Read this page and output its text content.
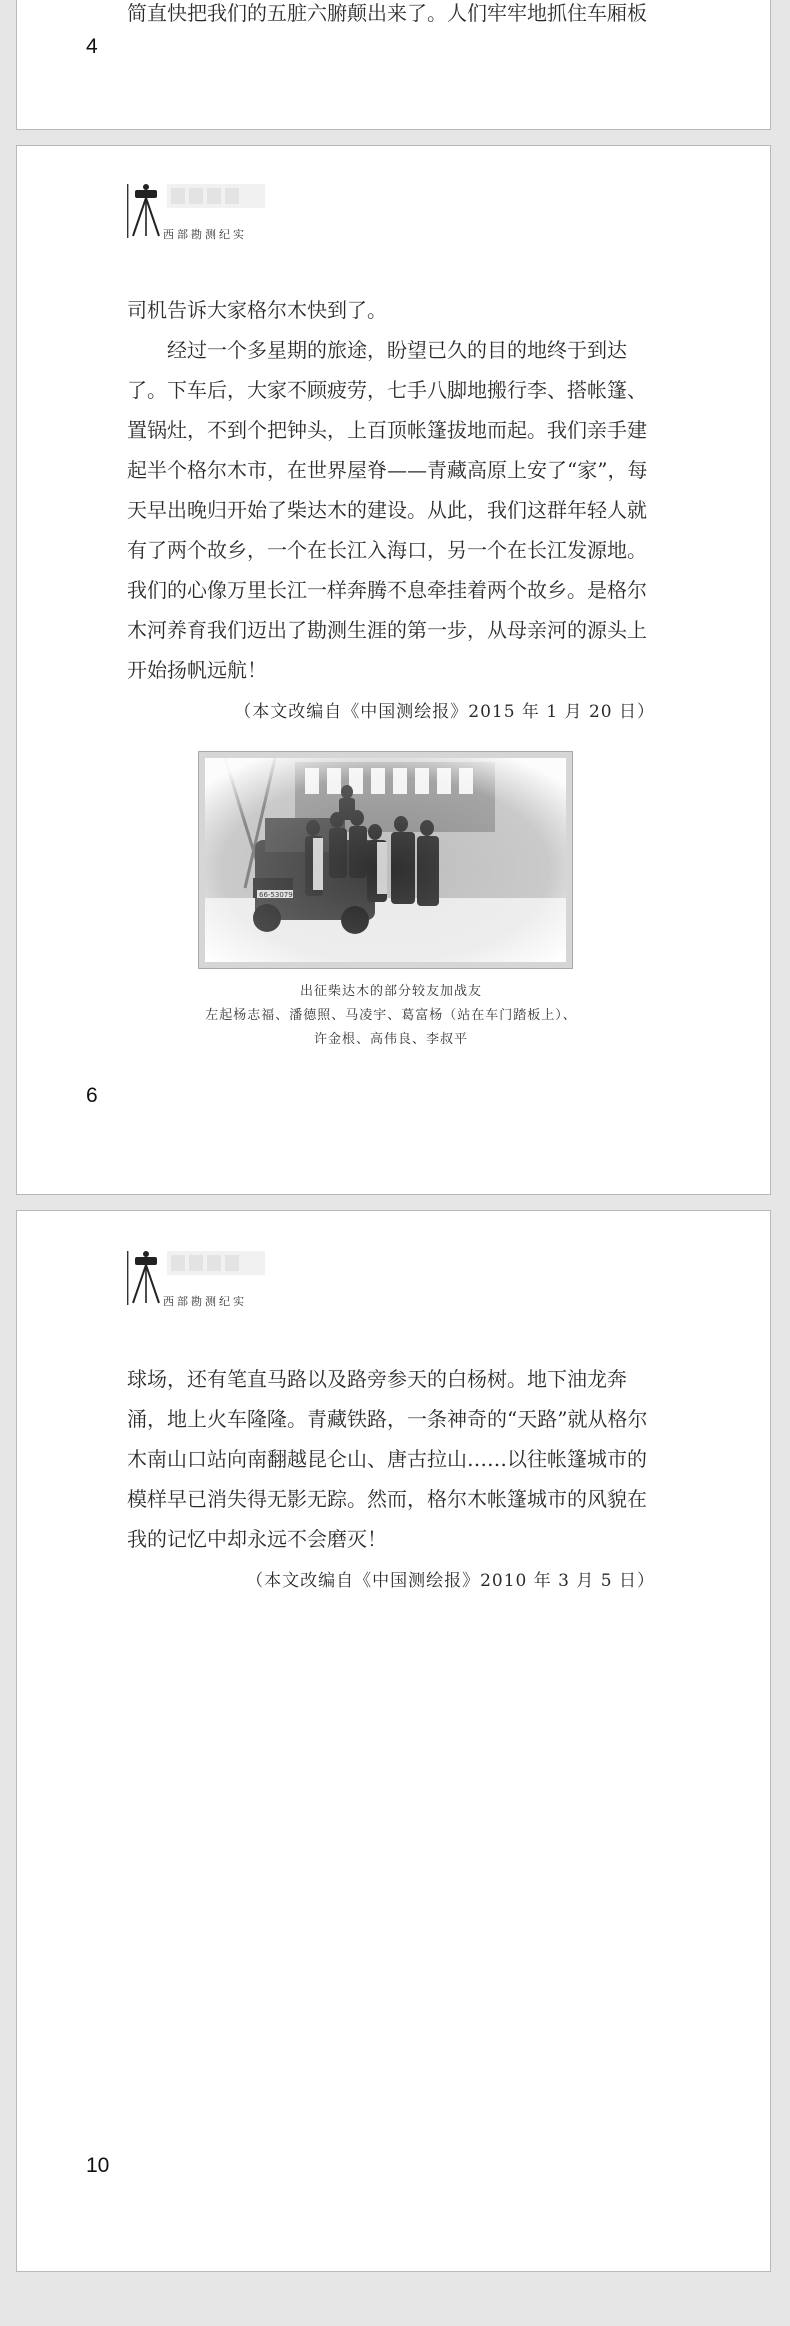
简直快把我们的五脏六腑颠出来了。人们牢牢地抓住车厢板

4
西部勘测纪实

司机告诉大家格尔木快到了。

经过一个多星期的旅途，盼望已久的目的地终于到达了。下车后，大家不顾疲劳，七手八脚地搬行李、搭帐篷、置锅灶，不到个把钟头，上百顶帐篷拔地而起。我们亲手建起半个格尔木市，在世界屋脊——青藏高原上安了“家”，每天早出晚归开始了柴达木的建设。从此，我们这群年轻人就有了两个故乡，一个在长江入海口，另一个在长江发源地。我们的心像万里长江一样奔腾不息牵挂着两个故乡。是格尔木河养育我们迈出了勘测生涯的第一步，从母亲河的源头上开始扬帆远航！

（本文改编自《中国测绘报》2015 年 1 月 20 日）

出征柴达木的部分较友加战友
左起杨志福、潘德照、马凌宇、葛富杨（站在车门踏板上）、
许金根、高伟良、李叔平
6
西部勘测纪实

球场，还有笔直马路以及路旁参天的白杨树。地下油龙奔涌，地上火车隆隆。青藏铁路，一条神奇的“天路”就从格尔木南山口站向南翻越昆仑山、唐古拉山……以往帐篷城市的模样早已消失得无影无踪。然而，格尔木帐篷城市的风貌在我的记忆中却永远不会磨灭！

（本文改编自《中国测绘报》2010 年 3 月 5 日）

10
